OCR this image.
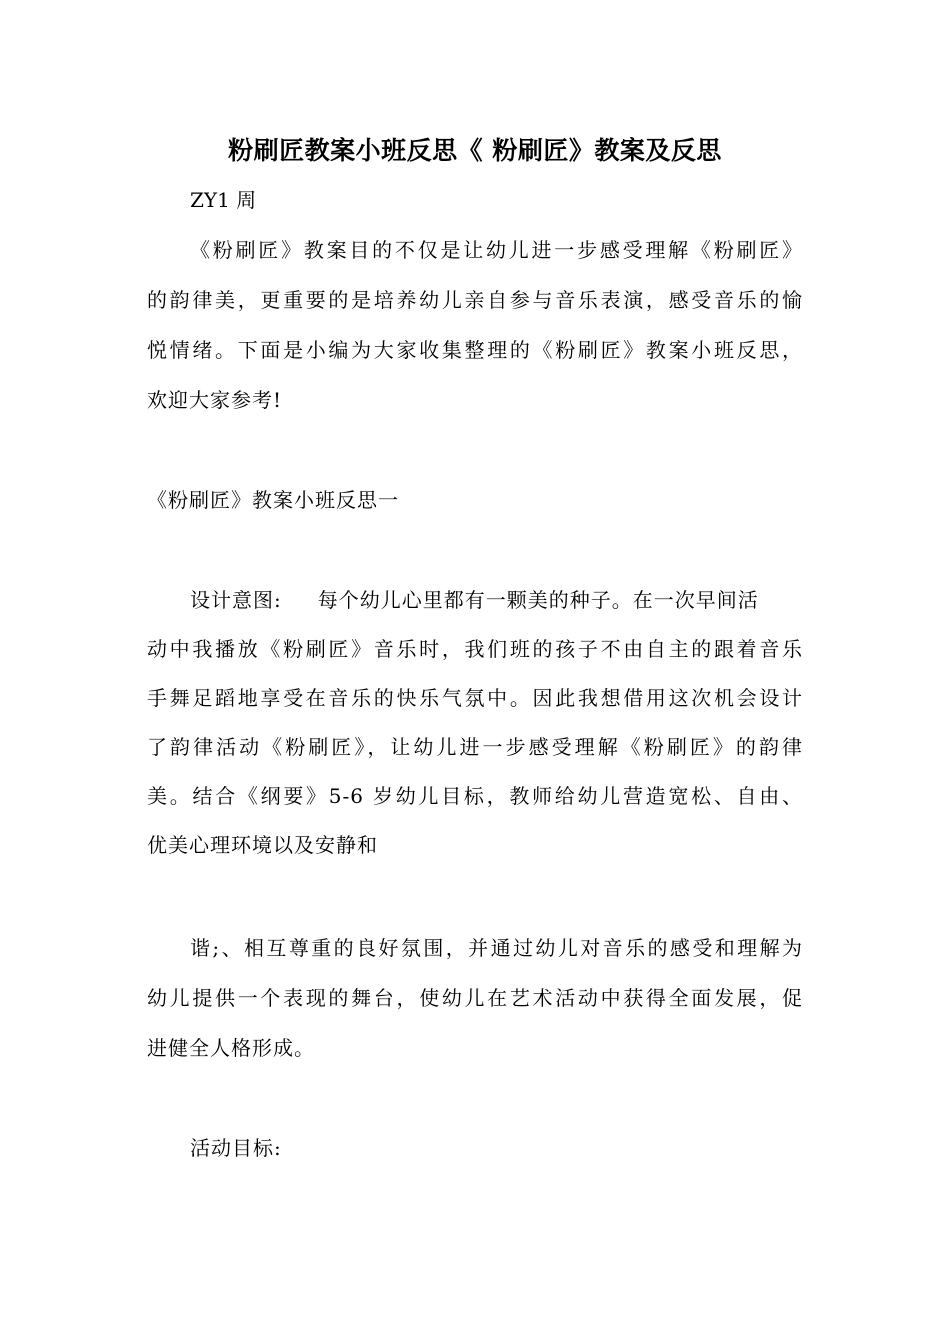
粉刷匠教案小班反思《 粉刷匠》教案及反思
ZY1 周
《粉刷匠》教案目的不仅是让幼儿进一步感受理解《粉刷匠》
的韵律美，更重要的是培养幼儿亲自参与音乐表演，感受音乐的愉
悦情绪。下面是小编为大家收集整理的《粉刷匠》教案小班反思，
欢迎大家参考!
《粉刷匠》教案小班反思一
设计意图: 每个幼儿心里都有一颗美的种子。在一次早间活
动中我播放《粉刷匠》音乐时，我们班的孩子不由自主的跟着音乐
手舞足蹈地享受在音乐的快乐气氛中。因此我想借用这次机会设计
了韵律活动《粉刷匠》，让幼儿进一步感受理解《粉刷匠》的韵律
美。结合《纲要》5-6 岁幼儿目标，教师给幼儿营造宽松、自由、
优美心理环境以及安静和
谐;、相互尊重的良好氛围，并通过幼儿对音乐的感受和理解为
幼儿提供一个表现的舞台，使幼儿在艺术活动中获得全面发展，促
进健全人格形成。
活动目标:
